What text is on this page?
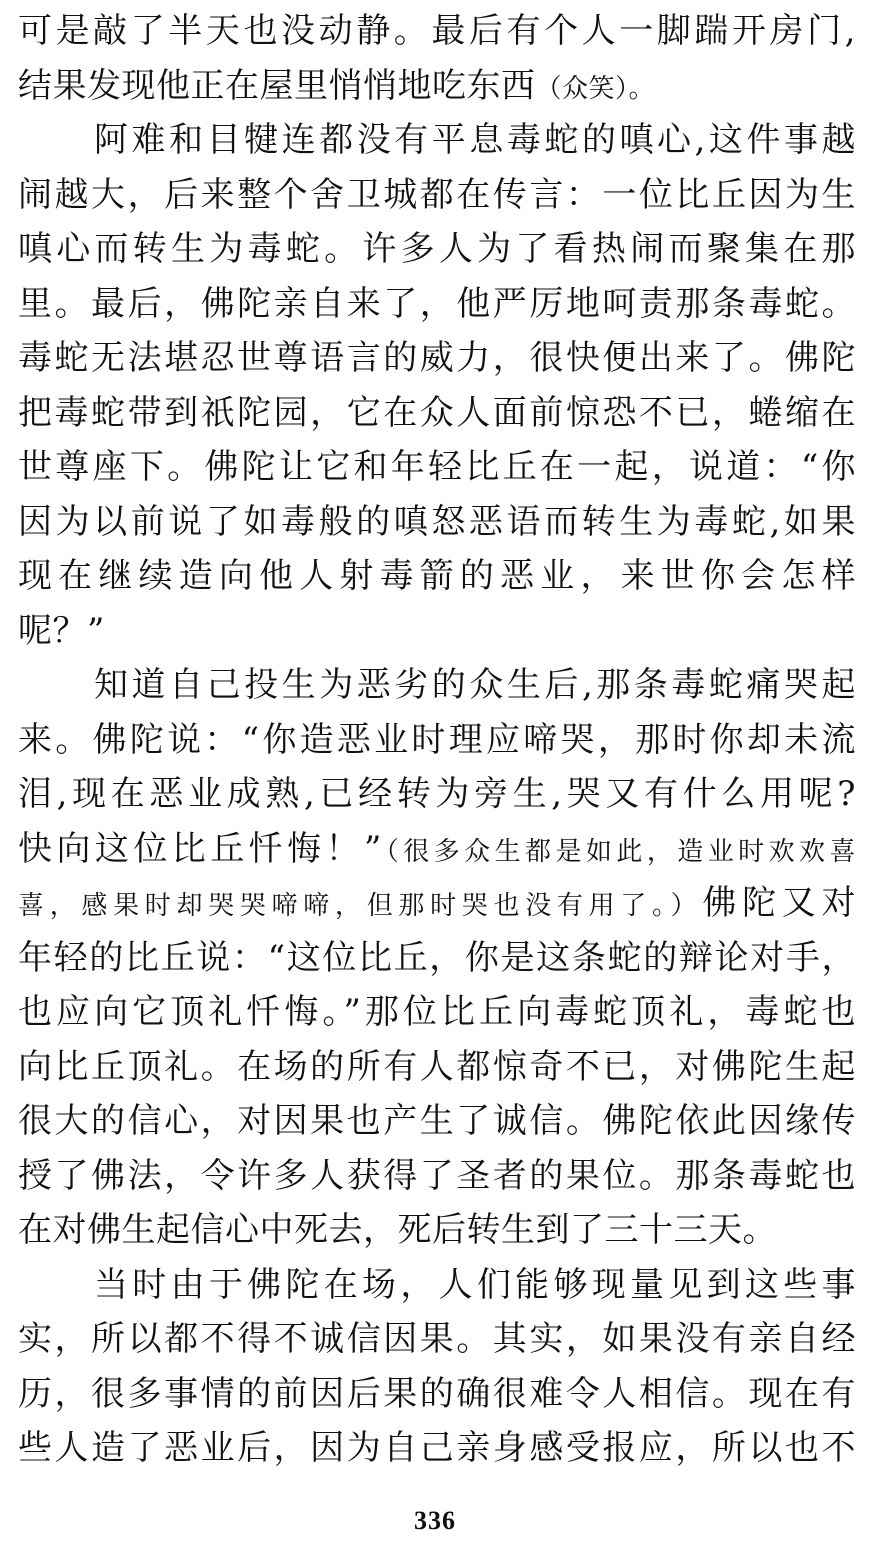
可是敲了半天也没动静。最后有个人一脚踹开房门,
结果发现他正在屋里悄悄地吃东西（众笑）。
阿难和目犍连都没有平息毒蛇的嗔心,这件事越
闹越大，后来整个舍卫城都在传言：一位比丘因为生
嗔心而转生为毒蛇。许多人为了看热闹而聚集在那
里。最后，佛陀亲自来了，他严厉地呵责那条毒蛇。
毒蛇无法堪忍世尊语言的威力，很快便出来了。佛陀
把毒蛇带到祇陀园，它在众人面前惊恐不已，蜷缩在
世尊座下。佛陀让它和年轻比丘在一起，说道：“你
因为以前说了如毒般的嗔怒恶语而转生为毒蛇,如果
现在继续造向他人射毒箭的恶业，来世你会怎样
呢？”
知道自己投生为恶劣的众生后,那条毒蛇痛哭起
来。佛陀说：“你造恶业时理应啼哭，那时你却未流
泪,现在恶业成熟,已经转为旁生,哭又有什么用呢?
快向这位比丘忏悔！”（很多众生都是如此，造业时欢欢喜
喜，感果时却哭哭啼啼，但那时哭也没有用了。）佛陀又对
年轻的比丘说：“这位比丘，你是这条蛇的辩论对手，
也应向它顶礼忏悔。”那位比丘向毒蛇顶礼，毒蛇也
向比丘顶礼。在场的所有人都惊奇不已，对佛陀生起
很大的信心，对因果也产生了诚信。佛陀依此因缘传
授了佛法，令许多人获得了圣者的果位。那条毒蛇也
在对佛生起信心中死去，死后转生到了三十三天。
当时由于佛陀在场，人们能够现量见到这些事
实，所以都不得不诚信因果。其实，如果没有亲自经
历，很多事情的前因后果的确很难令人相信。现在有
些人造了恶业后，因为自己亲身感受报应，所以也不
336
